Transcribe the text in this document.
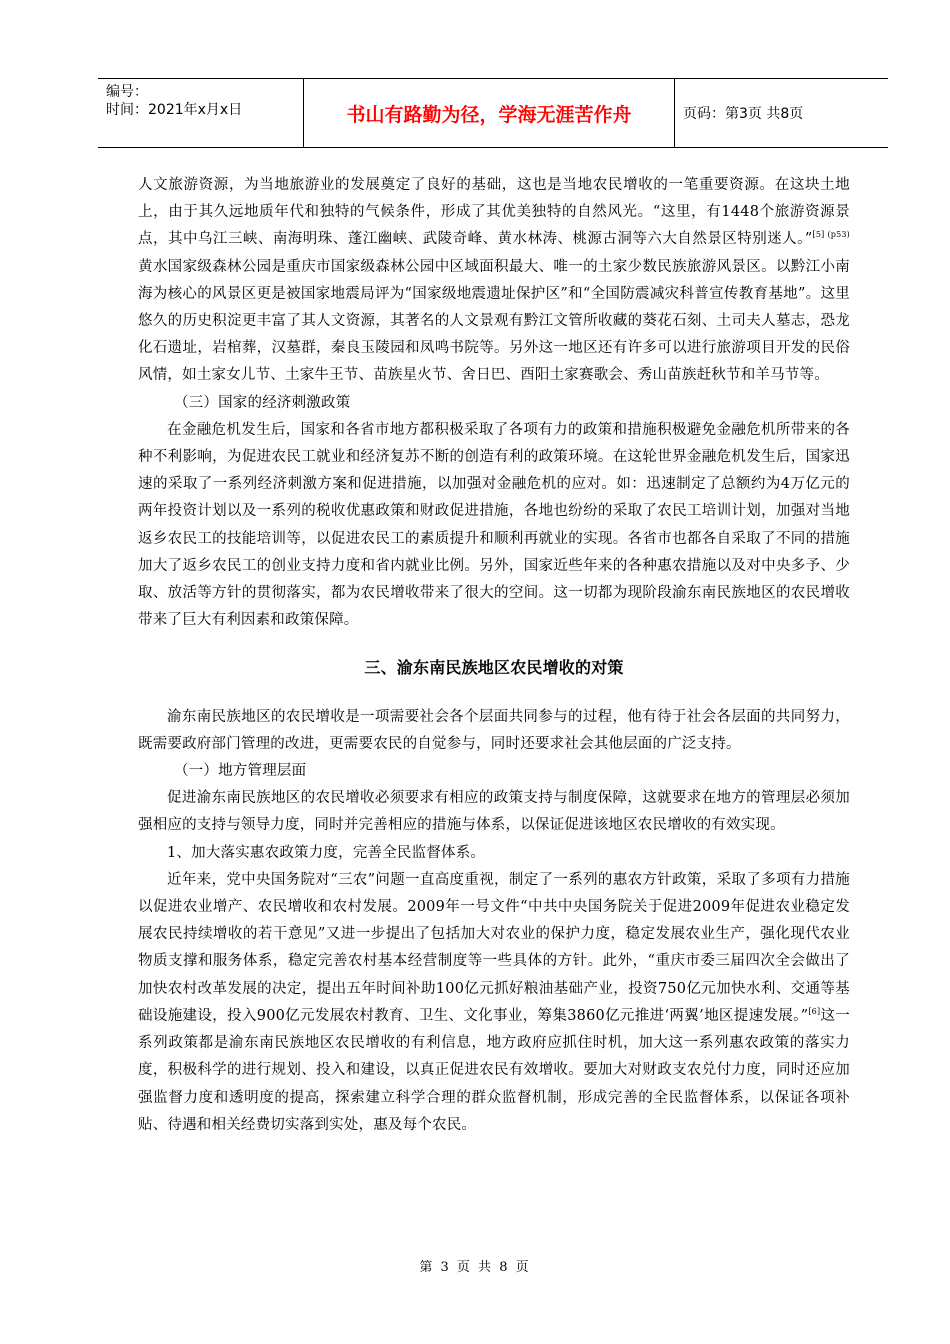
编号：
时间：2021年x月x日	书山有路勤为径，学海无涯苦作舟	页码：第3页 共8页

人文旅游资源，为当地旅游业的发展奠定了良好的基础，这也是当地农民增收的一笔重要资源。在这块土地上，由于其久远地质年代和独特的气候条件，形成了其优美独特的自然风光。“这里，有1448个旅游资源景点，其中乌江三峡、南海明珠、蓬江幽峡、武陵奇峰、黄水林涛、桃源古洞等六大自然景区特别迷人。”$^{[5] (p53)}$黄水国家级森林公园是重庆市国家级森林公园中区域面积最大、唯一的土家少数民族旅游风景区。以黔江小南海为核心的风景区更是被国家地震局评为“国家级地震遗址保护区”和“全国防震减灾科普宣传教育基地”。这里悠久的历史积淀更丰富了其人文资源，其著名的人文景观有黔江文管所收藏的葵花石刻、土司夫人墓志，恐龙化石遗址，岩棺葬，汉墓群，秦良玉陵园和凤鸣书院等。另外这一地区还有许多可以进行旅游项目开发的民俗风情，如土家女儿节、土家牛王节、苗族星火节、舍日巴、酉阳土家赛歌会、秀山苗族赶秋节和羊马节等。

（三）国家的经济刺激政策

在金融危机发生后，国家和各省市地方都积极采取了各项有力的政策和措施积极避免金融危机所带来的各种不利影响，为促进农民工就业和经济复苏不断的创造有利的政策环境。在这轮世界金融危机发生后，国家迅速的采取了一系列经济刺激方案和促进措施，以加强对金融危机的应对。如：迅速制定了总额约为4万亿元的两年投资计划以及一系列的税收优惠政策和财政促进措施，各地也纷纷的采取了农民工培训计划，加强对当地返乡农民工的技能培训等，以促进农民工的素质提升和顺利再就业的实现。各省市也都各自采取了不同的措施加大了返乡农民工的创业支持力度和省内就业比例。另外，国家近些年来的各种惠农措施以及对中央多予、少取、放活等方针的贯彻落实，都为农民增收带来了很大的空间。这一切都为现阶段渝东南民族地区的农民增收带来了巨大有利因素和政策保障。

三、渝东南民族地区农民增收的对策

渝东南民族地区的农民增收是一项需要社会各个层面共同参与的过程，他有待于社会各层面的共同努力，既需要政府部门管理的改进，更需要农民的自觉参与，同时还要求社会其他层面的广泛支持。

（一）地方管理层面

促进渝东南民族地区的农民增收必须要求有相应的政策支持与制度保障，这就要求在地方的管理层必须加强相应的支持与领导力度，同时并完善相应的措施与体系，以保证促进该地区农民增收的有效实现。

1、加大落实惠农政策力度，完善全民监督体系。

近年来，党中央国务院对“三农”问题一直高度重视，制定了一系列的惠农方针政策，采取了多项有力措施以促进农业增产、农民增收和农村发展。2009年一号文件“中共中央国务院关于促进2009年促进农业稳定发展农民持续增收的若干意见”又进一步提出了包括加大对农业的保护力度，稳定发展农业生产，强化现代农业物质支撑和服务体系，稳定完善农村基本经营制度等一些具体的方针。此外，“重庆市委三届四次全会做出了加快农村改革发展的决定，提出五年时间补助100亿元抓好粮油基础产业，投资750亿元加快水利、交通等基础设施建设，投入900亿元发展农村教育、卫生、文化事业，筹集3860亿元推进‘两翼’地区提速发展。”[6]这一系列政策都是渝东南民族地区农民增收的有利信息，地方政府应抓住时机，加大这一系列惠农政策的落实力度，积极科学的进行规划、投入和建设，以真正促进农民有效增收。要加大对财政支农兑付力度，同时还应加强监督力度和透明度的提高，探索建立科学合理的群众监督机制，形成完善的全民监督体系，以保证各项补贴、待遇和相关经费切实落到实处，惠及每个农民。

第 3 页 共 8 页
